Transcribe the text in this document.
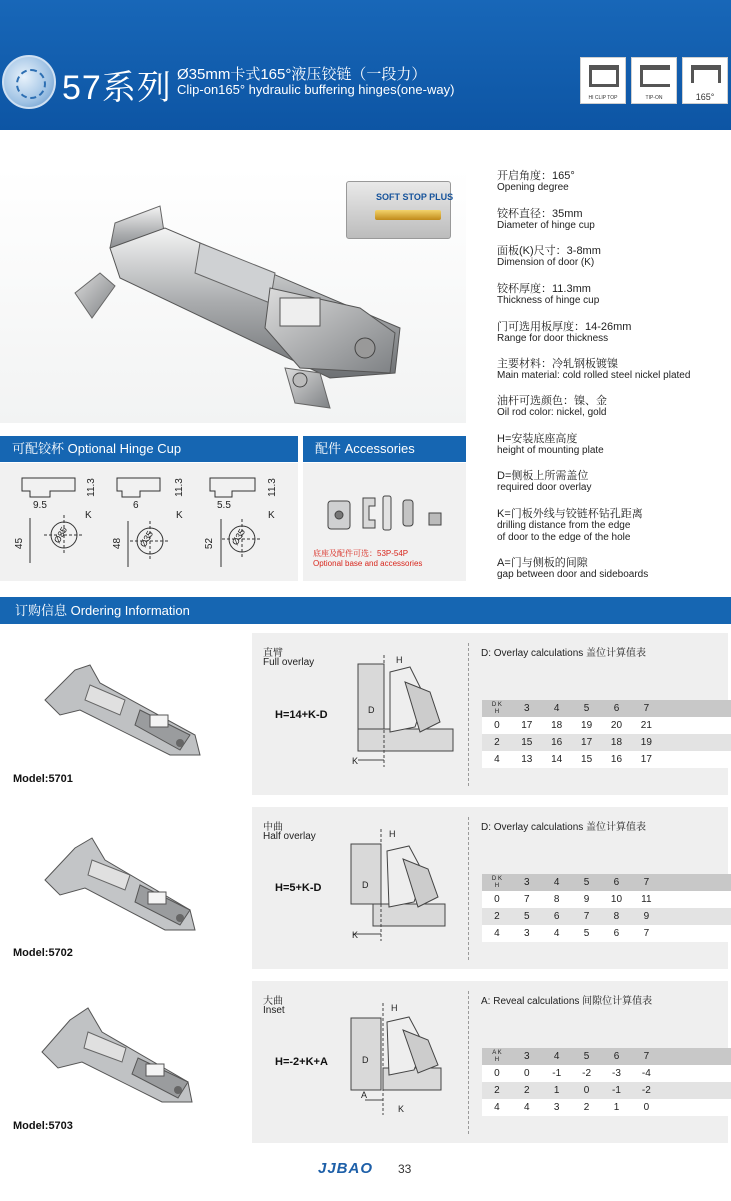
57系列 Ø35mm卡式165°液压铰链（一段力）
Clip-on165° hydraulic buffering hinges(one-way)
HI CLIP TOP	TIP-ON	165°
SOFT STOP PLUS
开启角度：165°
Opening degree
铰杯直径：35mm
Diameter of hinge cup
面板(K)尺寸：3-8mm
Dimension of door (K)
铰杯厚度：11.3mm
Thickness of hinge cup
门可选用板厚度：14-26mm
Range for door thickness
主要材料：冷轧钢板镀镍
Main material: cold rolled steel nickel plated
油杆可选颜色：镍、金
Oil rod color: nickel, gold
H=安装底座高度
height of mounting plate
D=侧板上所需盖位
required door overlay
K=门板外线与铰链杯钻孔距离
drilling distance from the edge
of door to the edge of the hole
A=门与侧板的间隙
gap between door and sideboards
可配铰杯 Optional Hinge Cup	配件 Accessories
9.5
11.3
45	Ø35
K
6
11.3
48 Ø35
K
5.5
11.3
52 Ø35
K
底座及配件可选：53P-54P
Optional base and accessories
订购信息 Ordering Information
Model:5701
直臂
Full overlay
H=14+K-D
H
D
K
D: Overlay calculations 盖位计算值表
D K
H	3	4	5	6	7	
0	17	18	19	20	21	
2	15	16	17	18	19	
4	13	14	15	16	17	
Model:5702
中曲
Half overlay
H=5+K-D
H
D
K
D: Overlay calculations 盖位计算值表
D K
H	3	4	5	6	7	
0	7	8	9	10	11	
2	5	6	7	8	9	
4	3	4	5	6	7	
Model:5703
大曲
Inset
H=-2+K+A
H
D
A
K
A: Reveal calculations 间隙位计算值表
A K
H	3	4	5	6	7	
0	0	-1	-2	-3	-4	
2	2	1	0	-1	-2	
4	4	3	2	1	0	
JJBAO 33
